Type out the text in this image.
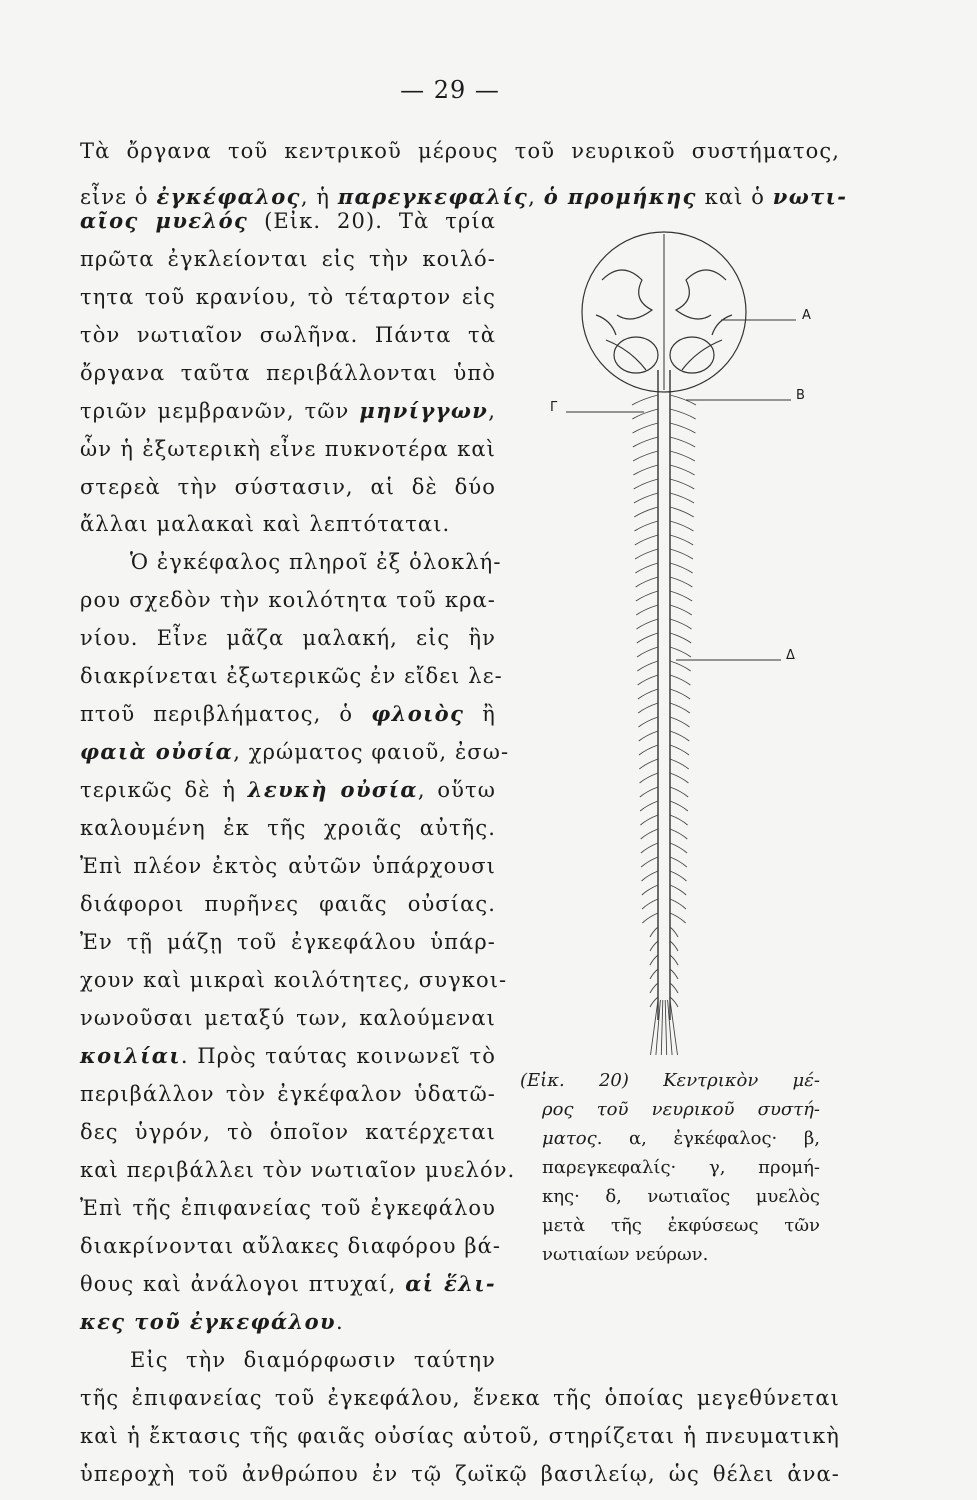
— 29 —
Τὰ ὄργανα τοῦ κεντρικοῦ μέρους τοῦ νευρικοῦ συστήματος,
εἶνε ὁ ἐγκέφαλος, ἡ παρεγκεφαλίς, ὁ προμήκης καὶ ὁ νωτι-
αῖος μυελός (Εἰκ. 20). Τὰ τρία
πρῶτα ἐγκλείονται εἰς τὴν κοιλό-
τητα τοῦ κρανίου, τὸ τέταρτον εἰς
τὸν νωτιαῖον σωλῆνα. Πάντα τὰ
ὄργανα ταῦτα περιβάλλονται ὑπὸ
τριῶν μεμβρανῶν, τῶν μηνίγγων,
ὧν ἡ ἐξωτερικὴ εἶνε πυκνοτέρα καὶ
στερεὰ τὴν σύστασιν, αἱ δὲ δύο
ἄλλαι μαλακαὶ καὶ λεπτόταται.
Ὁ ἐγκέφαλος πληροῖ ἐξ ὁλοκλή-
ρου σχεδὸν τὴν κοιλότητα τοῦ κρα-
νίου. Εἶνε μᾶζα μαλακή, εἰς ἣν
διακρίνεται ἐξωτερικῶς ἐν εἴδει λε-
πτοῦ περιβλήματος, ὁ φλοιὸς ἢ
φαιὰ οὐσία, χρώματος φαιοῦ, ἐσω-
τερικῶς δὲ ἡ λευκὴ οὐσία, οὕτω
καλουμένη ἐκ τῆς χροιᾶς αὐτῆς.
Ἐπὶ πλέον ἐκτὸς αὐτῶν ὑπάρχουσι
διάφοροι πυρῆνες φαιᾶς οὐσίας.
Ἐν τῇ μάζῃ τοῦ ἐγκεφάλου ὑπάρ-
χουν καὶ μικραὶ κοιλότητες, συγκοι-
νωνοῦσαι μεταξύ των, καλούμεναι
κοιλίαι. Πρὸς ταύτας κοινωνεῖ τὸ
περιβάλλον τὸν ἐγκέφαλον ὑδατῶ-
δες ὑγρόν, τὸ ὁποῖον κατέρχεται
καὶ περιβάλλει τὸν νωτιαῖον μυελόν.
Ἐπὶ τῆς ἐπιφανείας τοῦ ἐγκεφάλου
διακρίνονται αὔλακες διαφόρου βά-
θους καὶ ἀνάλογοι πτυχαί, αἱ ἕλι-
κες τοῦ ἐγκεφάλου.
Εἰς τὴν διαμόρφωσιν ταύτην
τῆς ἐπιφανείας τοῦ ἐγκεφάλου, ἕνεκα τῆς ὁποίας μεγεθύνεται
καὶ ἡ ἔκτασις τῆς φαιᾶς οὐσίας αὐτοῦ, στηρίζεται ἡ πνευματικὴ
ὑπεροχὴ τοῦ ἀνθρώπου ἐν τῷ ζωϊκῷ βασιλείῳ, ὡς θέλει ἀνα-
A
B
Γ
Δ
(Εἰκ. 20) Κεντρικὸν μέ-
ρος τοῦ νευρικοῦ συστή-
ματος. α, ἐγκέφαλος· β,
παρεγκεφαλίς· γ, προμή-
κης· δ, νωτιαῖος μυελὸς
μετὰ τῆς ἐκφύσεως τῶν
νωτιαίων νεύρων.
